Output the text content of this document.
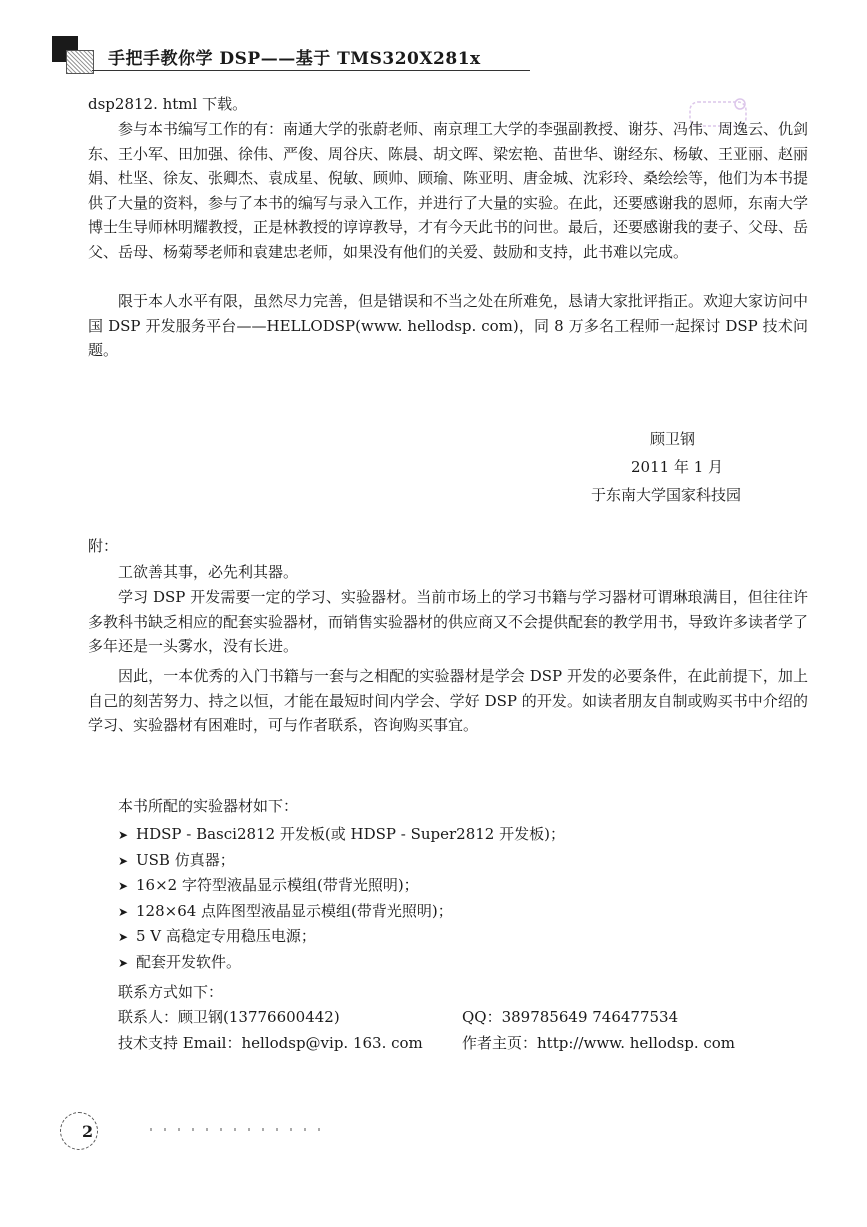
手把手教你学 DSP——基于 TMS320X281x
dsp2812. html 下载。
参与本书编写工作的有：南通大学的张蔚老师、南京理工大学的李强副教授、谢芬、冯伟、周逸云、仇剑东、王小军、田加强、徐伟、严俊、周谷庆、陈晨、胡文晖、梁宏艳、苗世华、谢经东、杨敏、王亚丽、赵丽娟、杜坚、徐友、张卿杰、袁成星、倪敏、顾帅、顾瑜、陈亚明、唐金城、沈彩玲、桑绘绘等，他们为本书提供了大量的资料，参与了本书的编写与录入工作，并进行了大量的实验。在此，还要感谢我的恩师，东南大学博士生导师林明耀教授，正是林教授的谆谆教导，才有今天此书的问世。最后，还要感谢我的妻子、父母、岳父、岳母、杨菊琴老师和袁建忠老师，如果没有他们的关爱、鼓励和支持，此书难以完成。
限于本人水平有限，虽然尽力完善，但是错误和不当之处在所难免，恳请大家批评指正。欢迎大家访问中国 DSP 开发服务平台——HELLODSP(www. hellodsp. com)，同 8 万多名工程师一起探讨 DSP 技术问题。
顾卫钢
2011 年 1 月
于东南大学国家科技园
附：
工欲善其事，必先利其器。
学习 DSP 开发需要一定的学习、实验器材。当前市场上的学习书籍与学习器材可谓琳琅满目，但往往许多教科书缺乏相应的配套实验器材，而销售实验器材的供应商又不会提供配套的教学用书，导致许多读者学了多年还是一头雾水，没有长进。
因此，一本优秀的入门书籍与一套与之相配的实验器材是学会 DSP 开发的必要条件，在此前提下，加上自己的刻苦努力、持之以恒，才能在最短时间内学会、学好 DSP 的开发。如读者朋友自制或购买书中介绍的学习、实验器材有困难时，可与作者联系，咨询购买事宜。
本书所配的实验器材如下：
➤ HDSP - Basci2812 开发板(或 HDSP - Super2812 开发板)；
➤ USB 仿真器；
➤ 16×2 字符型液晶显示模组(带背光照明)；
➤ 128×64 点阵图型液晶显示模组(带背光照明)；
➤ 5 V 高稳定专用稳压电源；
➤ 配套开发软件。
联系方式如下：
联系人：顾卫钢(13776600442)	QQ：389785649 746477534
技术支持 Email：hellodsp@vip. 163. com	作者主页：http://www. hellodsp. com
2
